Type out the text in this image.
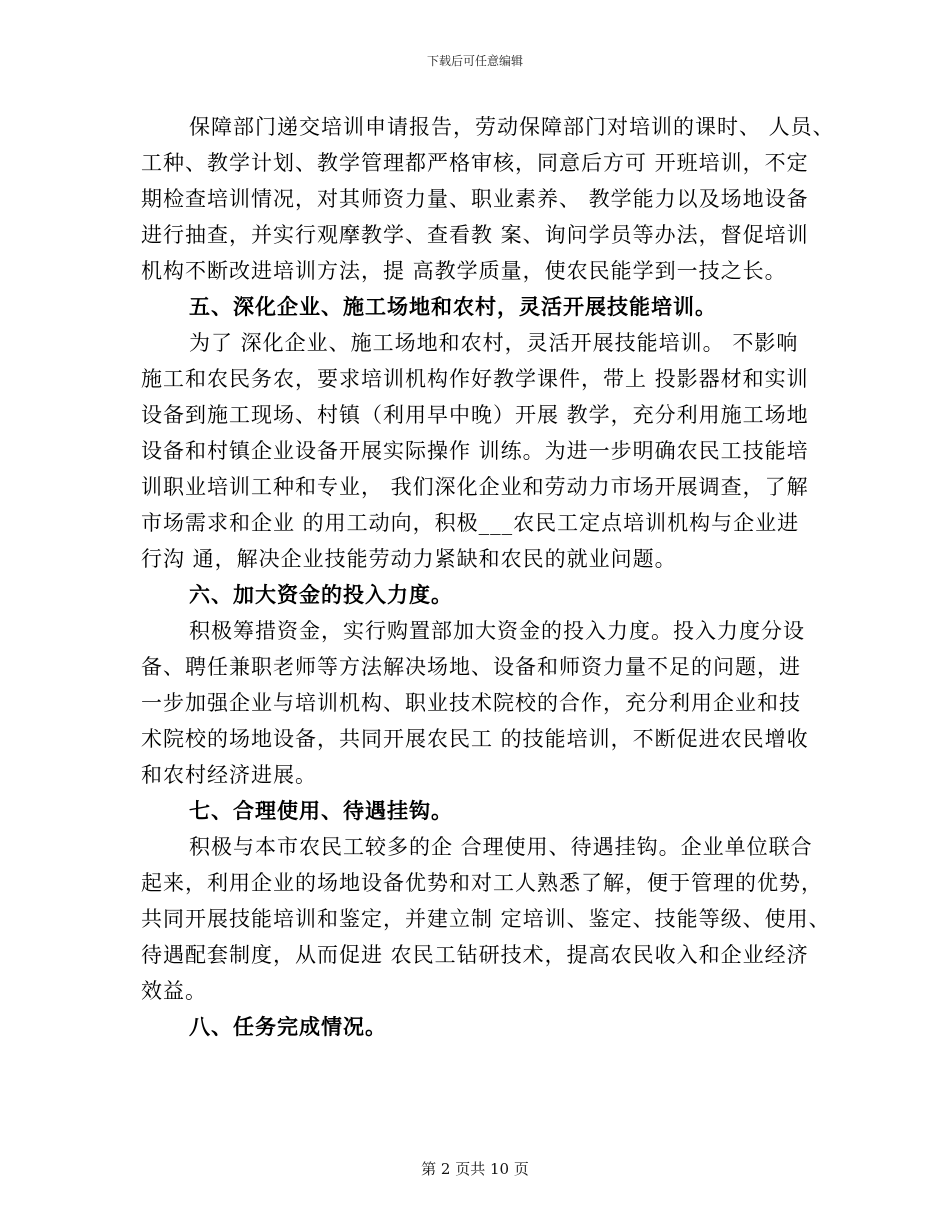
下载后可任意编辑
保障部门递交培训申请报告，劳动保障部门对培训的课时、 人员、
工种、教学计划、教学管理都严格审核，同意后方可 开班培训，不定
期检查培训情况，对其师资力量、职业素养、 教学能力以及场地设备
进行抽查，并实行观摩教学、查看教 案、询问学员等办法，督促培训
机构不断改进培训方法，提 高教学质量，使农民能学到一技之长。
五、深化企业、施工场地和农村，灵活开展技能培训。
为了 深化企业、施工场地和农村，灵活开展技能培训。 不影响
施工和农民务农，要求培训机构作好教学课件，带上 投影器材和实训
设备到施工现场、村镇（利用早中晚）开展 教学，充分利用施工场地
设备和村镇企业设备开展实际操作 训练。为进一步明确农民工技能培
训职业培训工种和专业， 我们深化企业和劳动力市场开展调查，了解
市场需求和企业 的用工动向，积极___农民工定点培训机构与企业进
行沟 通，解决企业技能劳动力紧缺和农民的就业问题。
六、加大资金的投入力度。
积极筹措资金，实行购置部加大资金的投入力度。投入力度分设
备、聘任兼职老师等方法解决场地、设备和师资力量不足的问题，进
一步加强企业与培训机构、职业技术院校的合作，充分利用企业和技
术院校的场地设备，共同开展农民工 的技能培训，不断促进农民增收
和农村经济进展。
七、合理使用、待遇挂钩。
积极与本市农民工较多的企 合理使用、待遇挂钩。企业单位联合
起来，利用企业的场地设备优势和对工人熟悉了解，便于管理的优势，
共同开展技能培训和鉴定，并建立制 定培训、鉴定、技能等级、使用、
待遇配套制度，从而促进 农民工钻研技术，提高农民收入和企业经济
效益。
八、任务完成情况。
第 2 页共 10 页
